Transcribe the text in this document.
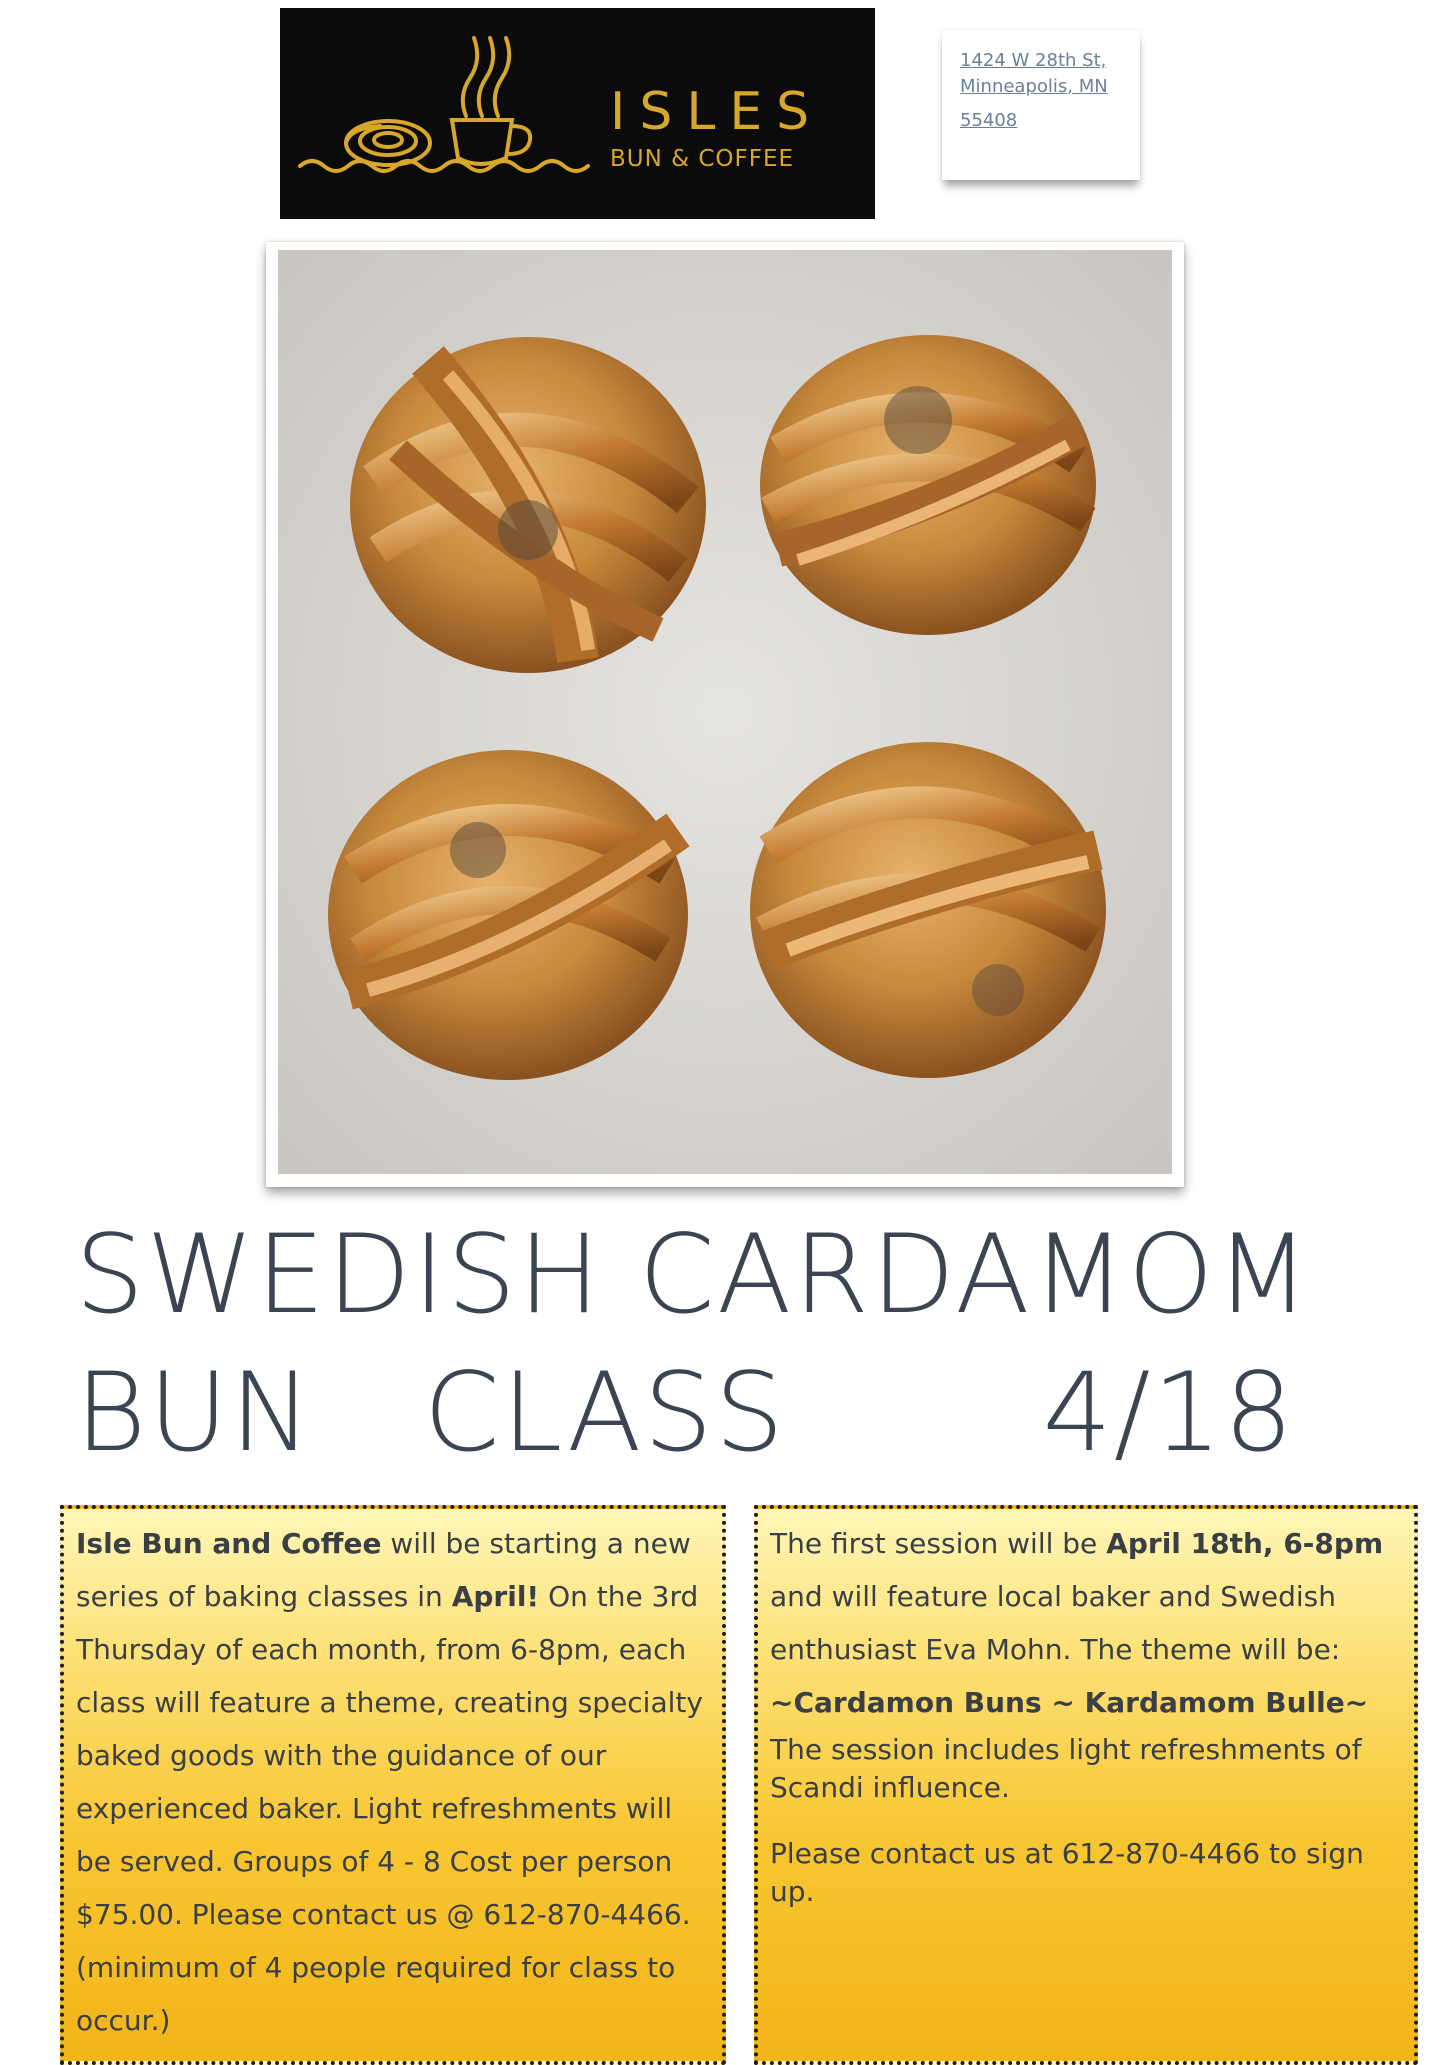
ISLES
BUN & COFFEE
1424 W 28th St,
Minneapolis, MN
55408

SWEDISH CARDAMOM

BUN   CLASS       4/18

Isle Bun and Coffee will be starting a new series of baking classes in April! On the 3rd Thursday of each month, from 6-8pm, each class will feature a theme, creating specialty baked goods with the guidance of our experienced baker. Light refreshments will be served. Groups of 4 - 8 Cost per person $75.00. Please contact us @ 612-870-4466. (minimum of 4 people required for class to occur.)

The first session will be April 18th, 6-8pm and will feature local baker and Swedish enthusiast Eva Mohn. The theme will be:

~Cardamon Buns ~ Kardamom Bulle~

The session includes light refreshments of Scandi influence.

Please contact us at 612-870-4466 to sign up.
